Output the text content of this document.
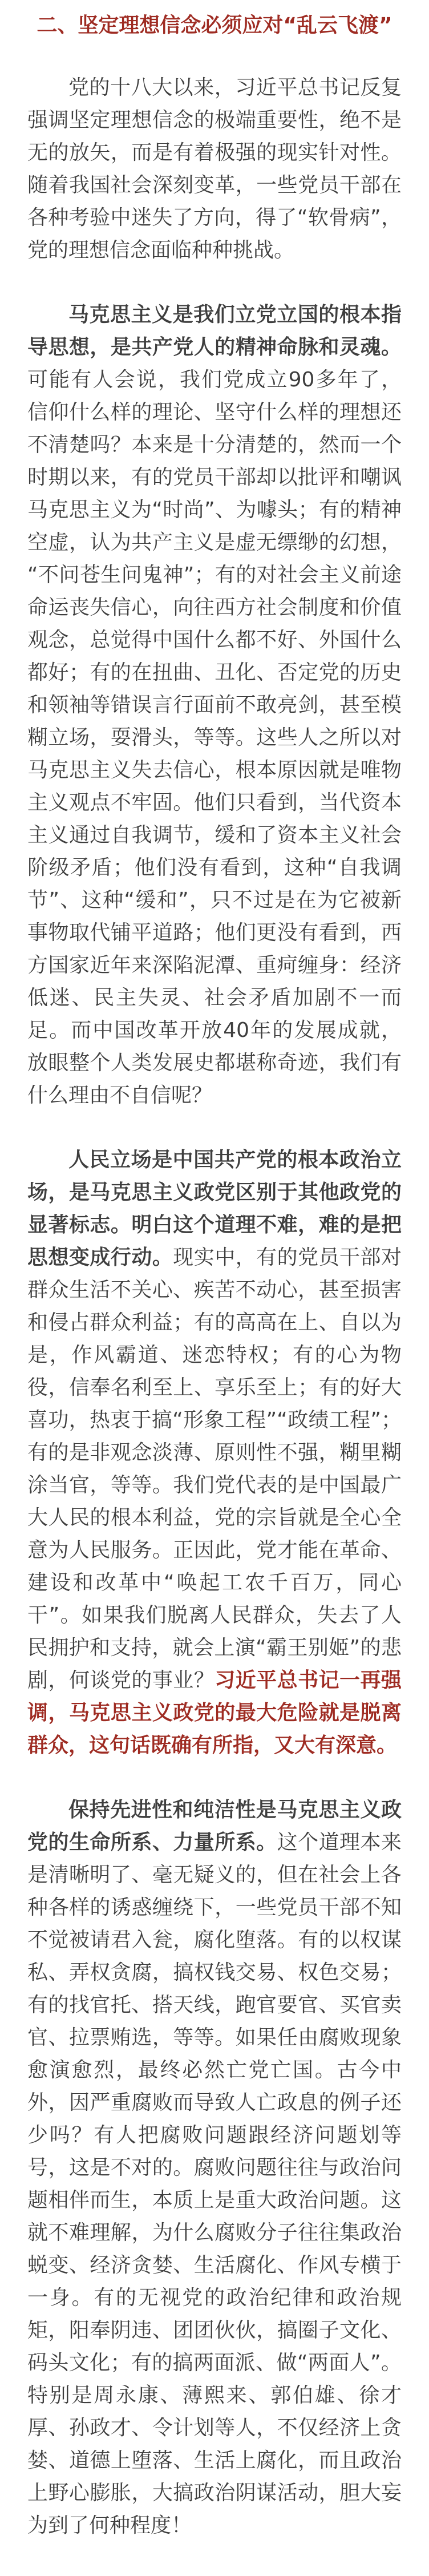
二、坚定理想信念必须应对“乱云飞渡”

党的十八大以来，习近平总书记反复强调坚定理想信念的极端重要性，绝不是无的放矢，而是有着极强的现实针对性。随着我国社会深刻变革，一些党员干部在各种考验中迷失了方向，得了“软骨病”，党的理想信念面临种种挑战。

马克思主义是我们立党立国的根本指导思想，是共产党人的精神命脉和灵魂。可能有人会说，我们党成立90多年了，信仰什么样的理论、坚守什么样的理想还不清楚吗？本来是十分清楚的，然而一个时期以来，有的党员干部却以批评和嘲讽马克思主义为“时尚”、为噱头；有的精神空虚，认为共产主义是虚无缥缈的幻想，“不问苍生问鬼神”；有的对社会主义前途命运丧失信心，向往西方社会制度和价值观念，总觉得中国什么都不好、外国什么都好；有的在扭曲、丑化、否定党的历史和领袖等错误言行面前不敢亮剑，甚至模糊立场，耍滑头，等等。这些人之所以对马克思主义失去信心，根本原因就是唯物主义观点不牢固。他们只看到，当代资本主义通过自我调节，缓和了资本主义社会阶级矛盾；他们没有看到，这种“自我调节”、这种“缓和”，只不过是在为它被新事物取代铺平道路；他们更没有看到，西方国家近年来深陷泥潭、重疴缠身：经济低迷、民主失灵、社会矛盾加剧不一而足。而中国改革开放40年的发展成就，放眼整个人类发展史都堪称奇迹，我们有什么理由不自信呢？

人民立场是中国共产党的根本政治立场，是马克思主义政党区别于其他政党的显著标志。明白这个道理不难，难的是把思想变成行动。现实中，有的党员干部对群众生活不关心、疾苦不动心，甚至损害和侵占群众利益；有的高高在上、自以为是，作风霸道、迷恋特权；有的心为物役，信奉名利至上、享乐至上；有的好大喜功，热衷于搞“形象工程”“政绩工程”；有的是非观念淡薄、原则性不强，糊里糊涂当官，等等。我们党代表的是中国最广大人民的根本利益，党的宗旨就是全心全意为人民服务。正因此，党才能在革命、建设和改革中“唤起工农千百万，同心干”。如果我们脱离人民群众，失去了人民拥护和支持，就会上演“霸王别姬”的悲剧，何谈党的事业？习近平总书记一再强调，马克思主义政党的最大危险就是脱离群众，这句话既确有所指，又大有深意。

保持先进性和纯洁性是马克思主义政党的生命所系、力量所系。这个道理本来是清晰明了、毫无疑义的，但在社会上各种各样的诱惑缠绕下，一些党员干部不知不觉被请君入瓮，腐化堕落。有的以权谋私、弄权贪腐，搞权钱交易、权色交易；有的找官托、搭天线，跑官要官、买官卖官、拉票贿选，等等。如果任由腐败现象愈演愈烈，最终必然亡党亡国。古今中外，因严重腐败而导致人亡政息的例子还少吗？有人把腐败问题跟经济问题划等号，这是不对的。腐败问题往往与政治问题相伴而生，本质上是重大政治问题。这就不难理解，为什么腐败分子往往集政治蜕变、经济贪婪、生活腐化、作风专横于一身。有的无视党的政治纪律和政治规矩，阳奉阴违、团团伙伙，搞圈子文化、码头文化；有的搞两面派、做“两面人”。特别是周永康、薄熙来、郭伯雄、徐才厚、孙政才、令计划等人，不仅经济上贪婪、道德上堕落、生活上腐化，而且政治上野心膨胀，大搞政治阴谋活动，胆大妄为到了何种程度！
